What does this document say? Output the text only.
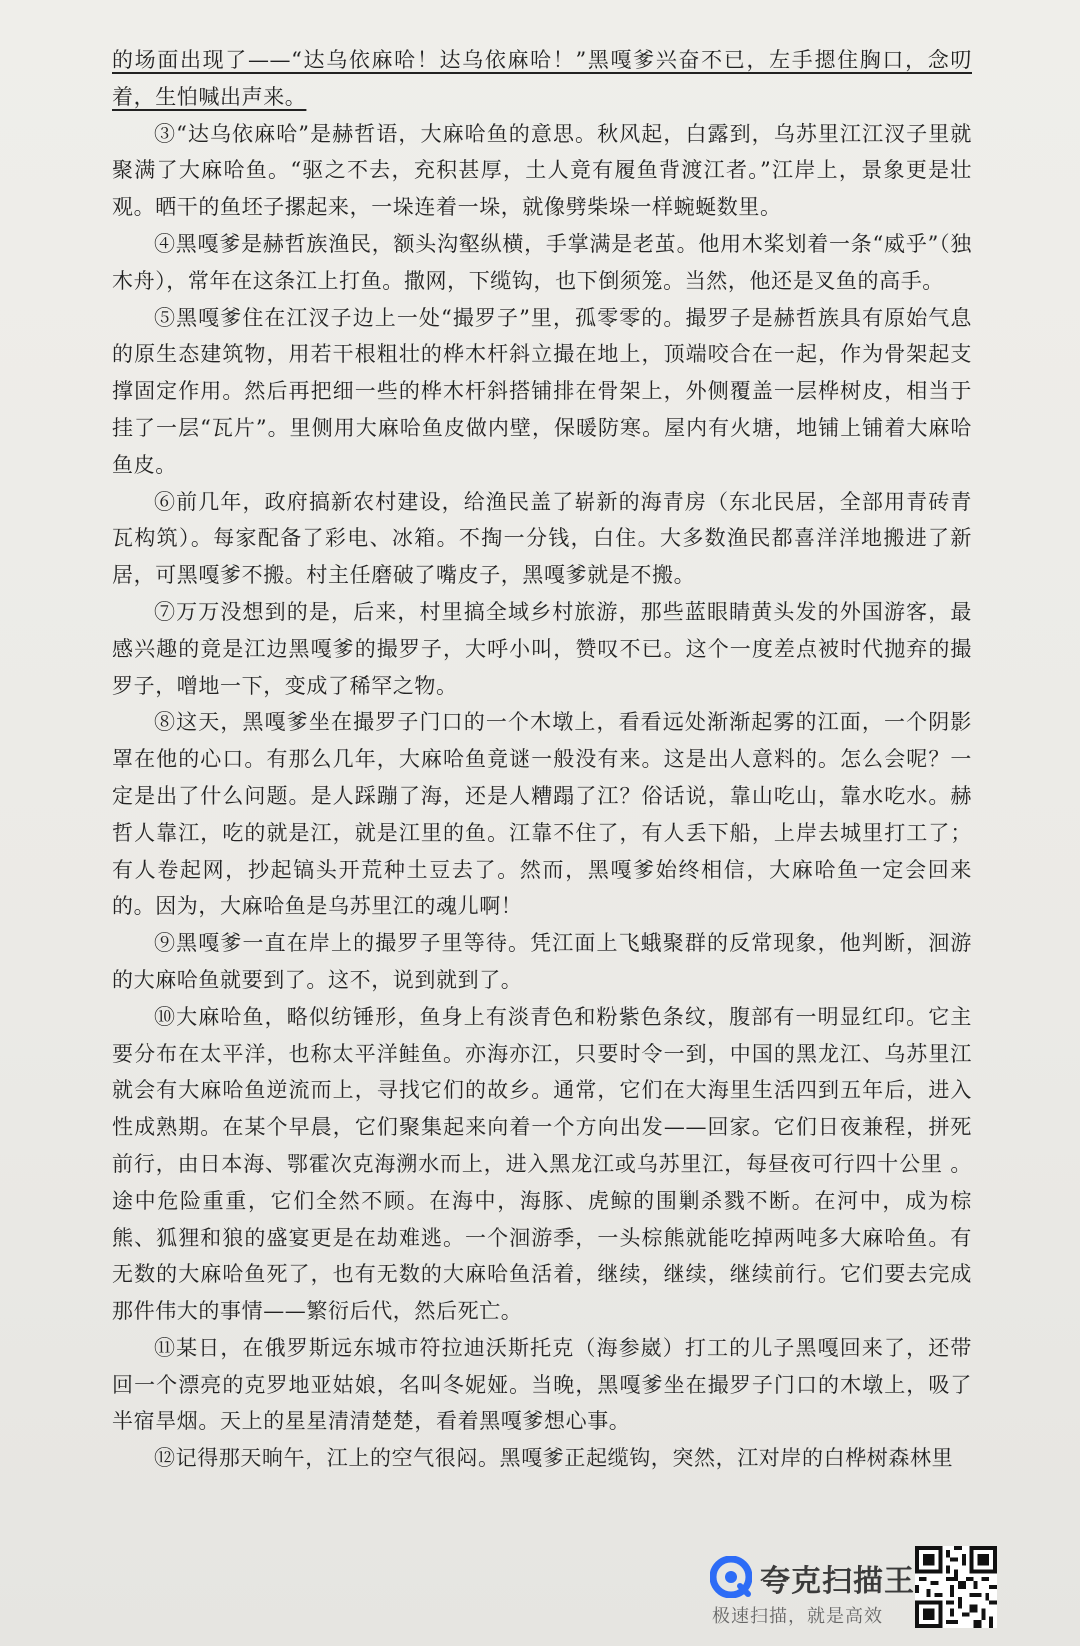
的场面出现了——“达乌依麻哈！达乌依麻哈！”黑嘎爹兴奋不已，左手摁住胸口，念叨着，生怕喊出声来。

③“达乌依麻哈”是赫哲语，大麻哈鱼的意思。秋风起，白露到，乌苏里江江汊子里就聚满了大麻哈鱼。“驱之不去，充积甚厚，土人竟有履鱼背渡江者。”江岸上，景象更是壮观。晒干的鱼坯子摞起来，一垛连着一垛，就像劈柴垛一样蜿蜒数里。

④黑嘎爹是赫哲族渔民，额头沟壑纵横，手掌满是老茧。他用木桨划着一条“威乎”（独木舟），常年在这条江上打鱼。撒网，下缆钩，也下倒须笼。当然，他还是叉鱼的高手。

⑤黑嘎爹住在江汊子边上一处“撮罗子”里，孤零零的。撮罗子是赫哲族具有原始气息的原生态建筑物，用若干根粗壮的桦木杆斜立撮在地上，顶端咬合在一起，作为骨架起支撑固定作用。然后再把细一些的桦木杆斜搭铺排在骨架上，外侧覆盖一层桦树皮，相当于挂了一层“瓦片”。里侧用大麻哈鱼皮做内壁，保暖防寒。屋内有火塘，地铺上铺着大麻哈鱼皮。

⑥前几年，政府搞新农村建设，给渔民盖了崭新的海青房（东北民居，全部用青砖青瓦构筑）。每家配备了彩电、冰箱。不掏一分钱，白住。大多数渔民都喜洋洋地搬进了新居，可黑嘎爹不搬。村主任磨破了嘴皮子，黑嘎爹就是不搬。

⑦万万没想到的是，后来，村里搞全域乡村旅游，那些蓝眼睛黄头发的外国游客，最感兴趣的竟是江边黑嘎爹的撮罗子，大呼小叫，赞叹不已。这个一度差点被时代抛弃的撮罗子，噌地一下，变成了稀罕之物。

⑧这天，黑嘎爹坐在撮罗子门口的一个木墩上，看看远处渐渐起雾的江面，一个阴影罩在他的心口。有那么几年，大麻哈鱼竟谜一般没有来。这是出人意料的。怎么会呢？一定是出了什么问题。是人踩蹦了海，还是人糟蹋了江？俗话说，靠山吃山，靠水吃水。赫哲人靠江，吃的就是江，就是江里的鱼。江靠不住了，有人丢下船，上岸去城里打工了；有人卷起网，抄起镐头开荒种土豆去了。然而，黑嘎爹始终相信，大麻哈鱼一定会回来的。因为，大麻哈鱼是乌苏里江的魂儿啊！

⑨黑嘎爹一直在岸上的撮罗子里等待。凭江面上飞蛾聚群的反常现象，他判断，洄游的大麻哈鱼就要到了。这不，说到就到了。

⑩大麻哈鱼，略似纺锤形，鱼身上有淡青色和粉紫色条纹，腹部有一明显红印。它主要分布在太平洋，也称太平洋鲑鱼。亦海亦江，只要时令一到，中国的黑龙江、乌苏里江就会有大麻哈鱼逆流而上，寻找它们的故乡。通常，它们在大海里生活四到五年后，进入性成熟期。在某个早晨，它们聚集起来向着一个方向出发——回家。它们日夜兼程，拼死前行，由日本海、鄂霍次克海溯水而上，进入黑龙江或乌苏里江，每昼夜可行四十公里 。途中危险重重，它们全然不顾。在海中，海豚、虎鲸的围剿杀戮不断。在河中，成为棕熊、狐狸和狼的盛宴更是在劫难逃。一个洄游季，一头棕熊就能吃掉两吨多大麻哈鱼。有无数的大麻哈鱼死了，也有无数的大麻哈鱼活着，继续，继续，继续前行。它们要去完成那件伟大的事情——繁衍后代，然后死亡。

⑪某日，在俄罗斯远东城市符拉迪沃斯托克（海参崴）打工的儿子黑嘎回来了，还带回一个漂亮的克罗地亚姑娘，名叫冬妮娅。当晚，黑嘎爹坐在撮罗子门口的木墩上，吸了半宿旱烟。天上的星星清清楚楚，看着黑嘎爹想心事。

⑫记得那天晌午，江上的空气很闷。黑嘎爹正起缆钩，突然，江对岸的白桦树森林里

夸克扫描王
极速扫描，就是高效
